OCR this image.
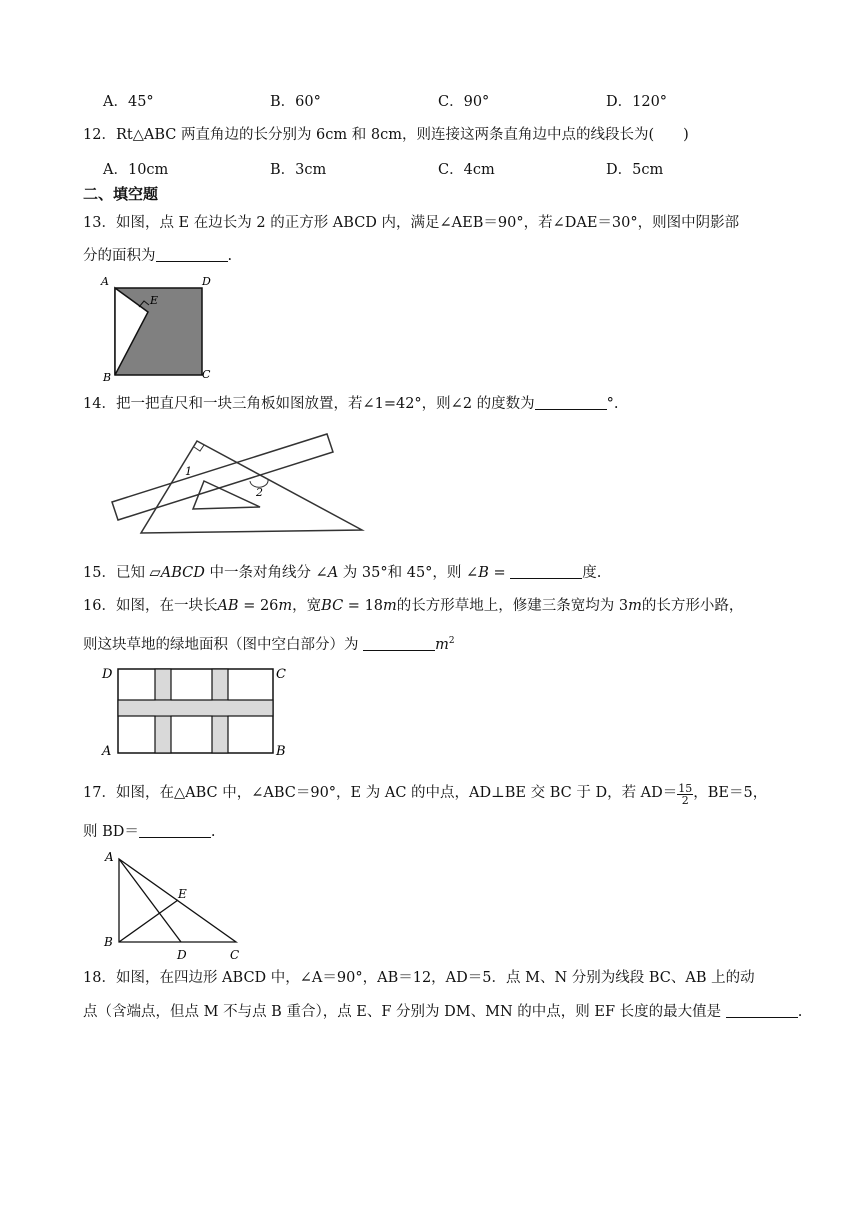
A．45°	B．60°	C．90°	D．120°
12．Rt△ABC 两直角边的长分别为 6cm 和 8cm，则连接这两条直角边中点的线段长为(　　)
A．10cm	B．3cm	C．4cm	D．5cm
二、填空题
13．如图，点 E 在边长为 2 的正方形 ABCD 内，满足∠AEB＝90°，若∠DAE＝30°，则图中阴影部
分的面积为	.
A	D
E
B	C
14．把一把直尺和一块三角板如图放置，若∠1=42°，则∠2 的度数为	°.
1
2
15．已知 ▱ABCD 中一条对角线分 ∠A 为 35°和 45°，则 ∠B =	度.
16．如图，在一块长AB = 26m，宽BC = 18m的长方形草地上，修建三条宽均为 3m的长方形小路，
则这块草地的绿地面积（图中空白部分）为	$m^2$
D	C
A	B
17．如图，在△ABC 中，∠ABC＝90°，E 为 AC 的中点，AD⊥BE 交 BC 于 D，若 $AD= \frac{15}{2}$ ，BE＝5，
则 BD＝	.
A
E
B
D	C
18．如图，在四边形 ABCD 中，∠A＝90°，AB＝12，AD＝5．点 M、N 分别为线段 BC、AB 上的动
点（含端点，但点 M 不与点 B 重合），点 E、F 分别为 DM、MN 的中点，则 EF 长度的最大值是	.
